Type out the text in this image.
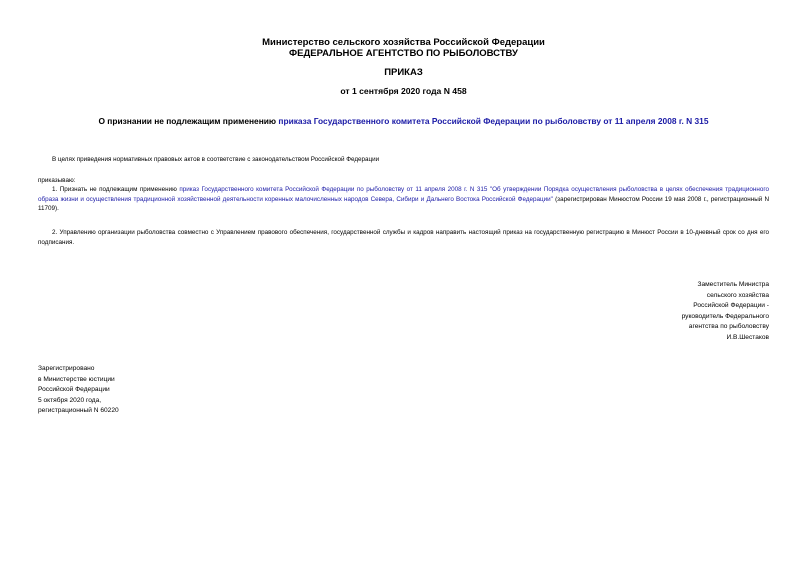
Министерство сельского хозяйства Российской Федерации
ФЕДЕРАЛЬНОЕ АГЕНТСТВО ПО РЫБОЛОВСТВУ
ПРИКАЗ
от 1 сентября 2020 года N 458
О признании не подлежащим применению приказа Государственного комитета Российской Федерации по рыболовству от 11 апреля 2008 г. N 315
В целях приведения нормативных правовых актов в соответствие с законодательством Российской Федерации
приказываю:
1. Признать не подлежащим применению приказ Государственного комитета Российской Федерации по рыболовству от 11 апреля 2008 г. N 315 "Об утверждении Порядка осуществления рыболовства в целях обеспечения традиционного образа жизни и осуществления традиционной хозяйственной деятельности коренных малочисленных народов Севера, Сибири и Дальнего Востока Российской Федерации" (зарегистрирован Минюстом России 19 мая 2008 г., регистрационный N 11709).
2. Управлению организации рыболовства совместно с Управлением правового обеспечения, государственной службы и кадров направить настоящий приказ на государственную регистрацию в Минюст России в 10-дневный срок со дня его подписания.
Заместитель Министра
сельского хозяйства
Российской Федерации -
руководитель Федерального
агентства по рыболовству
И.В.Шестаков
Зарегистрировано
в Министерстве юстиции
Российской Федерации
5 октября 2020 года,
регистрационный N 60220
